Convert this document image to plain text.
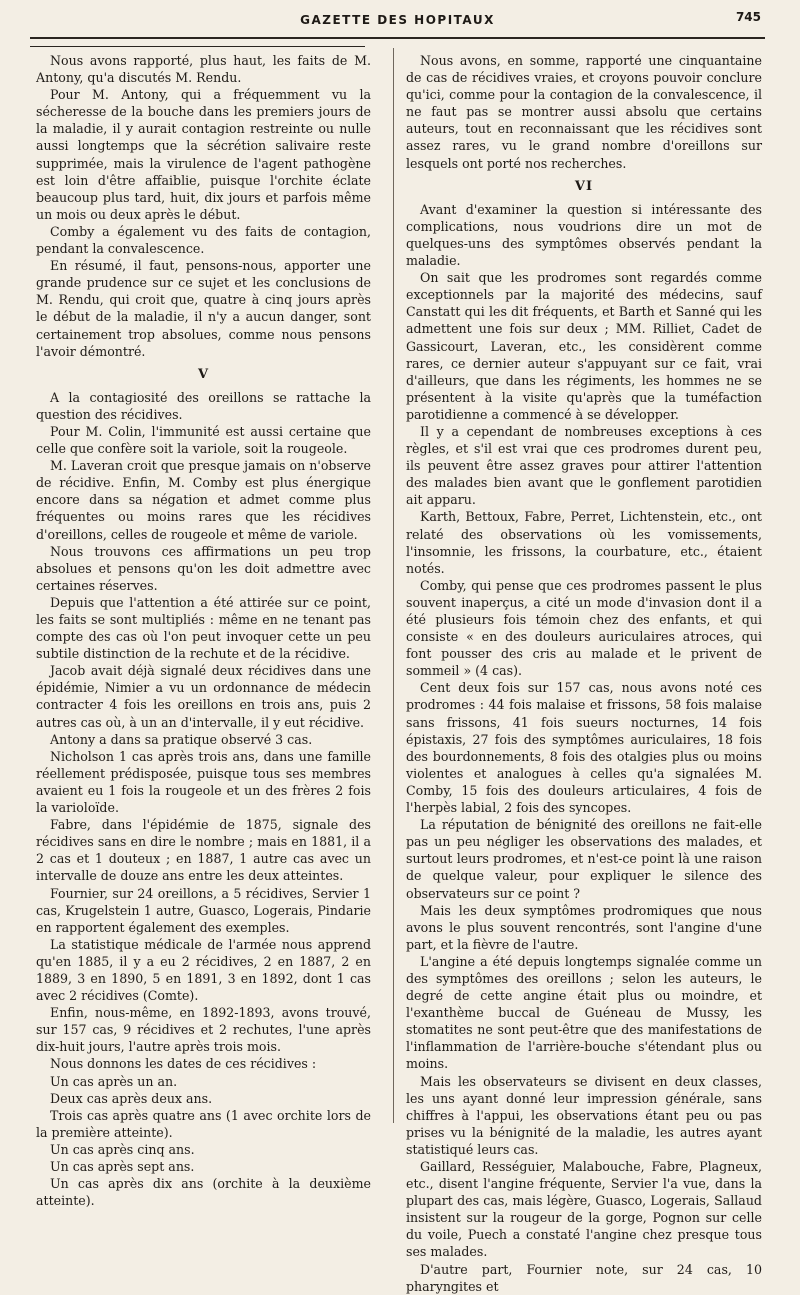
GAZETTE DES HOPITAUX	745

Nous avons rapporté, plus haut, les faits de M. Antony, qu'a discutés M. Rendu.

Pour M. Antony, qui a fréquemment vu la sécheresse de la bouche dans les premiers jours de la maladie, il y aurait contagion restreinte ou nulle aussi longtemps que la sécrétion salivaire reste supprimée, mais la virulence de l'agent pathogène est loin d'être affaiblie, puisque l'orchite éclate beaucoup plus tard, huit, dix jours et parfois même un mois ou deux après le début.

Comby a également vu des faits de contagion, pendant la convalescence.

En résumé, il faut, pensons-nous, apporter une grande prudence sur ce sujet et les conclusions de M. Rendu, qui croit que, quatre à cinq jours après le début de la maladie, il n'y a aucun danger, sont certainement trop absolues, comme nous pensons l'avoir démontré.

V

A la contagiosité des oreillons se rattache la question des récidives.

Pour M. Colin, l'immunité est aussi certaine que celle que confère soit la variole, soit la rougeole.

M. Laveran croit que presque jamais on n'observe de récidive. Enfin, M. Comby est plus énergique encore dans sa négation et admet comme plus fréquentes ou moins rares que les récidives d'oreillons, celles de rougeole et même de variole.

Nous trouvons ces affirmations un peu trop absolues et pensons qu'on les doit admettre avec certaines réserves.

Depuis que l'attention a été attirée sur ce point, les faits se sont multipliés : même en ne tenant pas compte des cas où l'on peut invoquer cette un peu subtile distinction de la rechute et de la récidive.

Jacob avait déjà signalé deux récidives dans une épidémie, Nimier a vu un ordonnance de médecin contracter 4 fois les oreillons en trois ans, puis 2 autres cas où, à un an d'intervalle, il y eut récidive.

Antony a dans sa pratique observé 3 cas.

Nicholson 1 cas après trois ans, dans une famille réellement prédisposée, puisque tous ses membres avaient eu 1 fois la rougeole et un des frères 2 fois la varioloïde.

Fabre, dans l'épidémie de 1875, signale des récidives sans en dire le nombre ; mais en 1881, il a 2 cas et 1 douteux ; en 1887, 1 autre cas avec un intervalle de douze ans entre les deux atteintes.

Fournier, sur 24 oreillons, a 5 récidives, Servier 1 cas, Krugelstein 1 autre, Guasco, Logerais, Pindarie en rapportent également des exemples.

La statistique médicale de l'armée nous apprend qu'en 1885, il y a eu 2 récidives, 2 en 1887, 2 en 1889, 3 en 1890, 5 en 1891, 3 en 1892, dont 1 cas avec 2 récidives (Comte).

Enfin, nous-même, en 1892-1893, avons trouvé, sur 157 cas, 9 récidives et 2 rechutes, l'une après dix-huit jours, l'autre après trois mois.

Nous donnons les dates de ces récidives :

Un cas après un an.

Deux cas après deux ans.

Trois cas après quatre ans (1 avec orchite lors de la première atteinte).

Un cas après cinq ans.

Un cas après sept ans.

Un cas après dix ans (orchite à la deuxième atteinte).

Nous avons, en somme, rapporté une cinquantaine de cas de récidives vraies, et croyons pouvoir conclure qu'ici, comme pour la contagion de la convalescence, il ne faut pas se montrer aussi absolu que certains auteurs, tout en reconnaissant que les récidives sont assez rares, vu le grand nombre d'oreillons sur lesquels ont porté nos recherches.

VI

Avant d'examiner la question si intéressante des complications, nous voudrions dire un mot de quelques-uns des symptômes observés pendant la maladie.

On sait que les prodromes sont regardés comme exceptionnels par la majorité des médecins, sauf Canstatt qui les dit fréquents, et Barth et Sanné qui les admettent une fois sur deux ; MM. Rilliet, Cadet de Gassicourt, Laveran, etc., les considèrent comme rares, ce dernier auteur s'appuyant sur ce fait, vrai d'ailleurs, que dans les régiments, les hommes ne se présentent à la visite qu'après que la tuméfaction parotidienne a commencé à se développer.

Il y a cependant de nombreuses exceptions à ces règles, et s'il est vrai que ces prodromes durent peu, ils peuvent être assez graves pour attirer l'attention des malades bien avant que le gonflement parotidien ait apparu.

Karth, Bettoux, Fabre, Perret, Lichtenstein, etc., ont relaté des observations où les vomissements, l'insomnie, les frissons, la courbature, etc., étaient notés.

Comby, qui pense que ces prodromes passent le plus souvent inaperçus, a cité un mode d'invasion dont il a été plusieurs fois témoin chez des enfants, et qui consiste « en des douleurs auriculaires atroces, qui font pousser des cris au malade et le privent de sommeil » (4 cas).

Cent deux fois sur 157 cas, nous avons noté ces prodromes : 44 fois malaise et frissons, 58 fois malaise sans frissons, 41 fois sueurs nocturnes, 14 fois épistaxis, 27 fois des symptômes auriculaires, 18 fois des bourdonnements, 8 fois des otalgies plus ou moins violentes et analogues à celles qu'a signalées M. Comby, 15 fois des douleurs articulaires, 4 fois de l'herpès labial, 2 fois des syncopes.

La réputation de bénignité des oreillons ne fait-elle pas un peu négliger les observations des malades, et surtout leurs prodromes, et n'est-ce point là une raison de quelque valeur, pour expliquer le silence des observateurs sur ce point ?

Mais les deux symptômes prodromiques que nous avons le plus souvent rencontrés, sont l'angine d'une part, et la fièvre de l'autre.

L'angine a été depuis longtemps signalée comme un des symptômes des oreillons ; selon les auteurs, le degré de cette angine était plus ou moindre, et l'exanthème buccal de Guéneau de Mussy, les stomatites ne sont peut-être que des manifestations de l'inflammation de l'arrière-bouche s'étendant plus ou moins.

Mais les observateurs se divisent en deux classes, les uns ayant donné leur impression générale, sans chiffres à l'appui, les observations étant peu ou pas prises vu la bénignité de la maladie, les autres ayant statistiqué leurs cas.

Gaillard, Rességuier, Malabouche, Fabre, Plagneux, etc., disent l'angine fréquente, Servier l'a vue, dans la plupart des cas, mais légère, Guasco, Logerais, Sallaud insistent sur la rougeur de la gorge, Pognon sur celle du voile, Puech a constaté l'angine chez presque tous ses malades.

D'autre part, Fournier note, sur 24 cas, 10 pharyngites et
